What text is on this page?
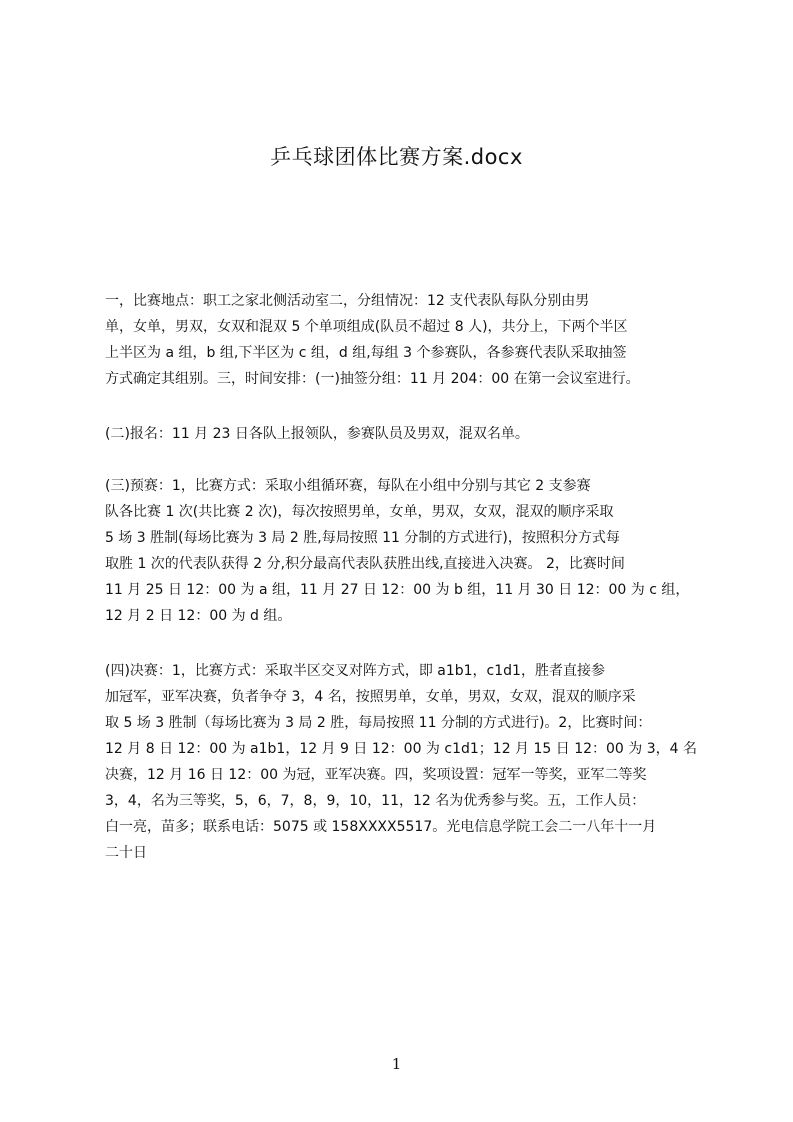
乒乓球团体比赛方案.docx
一，比赛地点：职工之家北侧活动室二，分组情况：12 支代表队每队分别由男
单，女单，男双，女双和混双 5 个单项组成(队员不超过 8 人)，共分上，下两个半区
上半区为 a 组，b 组,下半区为 c 组，d 组,每组 3 个参赛队，各参赛代表队采取抽签
方式确定其组别。三，时间安排：(一)抽签分组：11 月 204：00 在第一会议室进行。
(二)报名：11 月 23 日各队上报领队，参赛队员及男双，混双名单。
(三)预赛：1，比赛方式：采取小组循环赛，每队在小组中分别与其它 2 支参赛
队各比赛 1 次(共比赛 2 次)，每次按照男单，女单，男双，女双，混双的顺序采取
5 场 3 胜制(每场比赛为 3 局 2 胜,每局按照 11 分制的方式进行)，按照积分方式每
取胜 1 次的代表队获得 2 分,积分最高代表队获胜出线,直接进入决赛。 2，比赛时间
11 月 25 日 12：00 为 a 组，11 月 27 日 12：00 为 b 组，11 月 30 日 12：00 为 c 组，
12 月 2 日 12：00 为 d 组。
(四)决赛：1，比赛方式：采取半区交叉对阵方式，即 a1b1，c1d1，胜者直接参
加冠军，亚军决赛，负者争夺 3，4 名，按照男单，女单，男双，女双，混双的顺序采
取 5 场 3 胜制（每场比赛为 3 局 2 胜，每局按照 11 分制的方式进行)。2，比赛时间：
12 月 8 日 12：00 为 a1b1，12 月 9 日 12：00 为 c1d1；12 月 15 日 12：00 为 3，4 名
决赛，12 月 16 日 12：00 为冠，亚军决赛。四，奖项设置：冠军一等奖，亚军二等奖
3，4，名为三等奖，5，6，7，8，9，10，11，12 名为优秀参与奖。五，工作人员：
白一亮，苗多；联系电话：5075 或 158XXXX5517。光电信息学院工会二一八年十一月
二十日
1
